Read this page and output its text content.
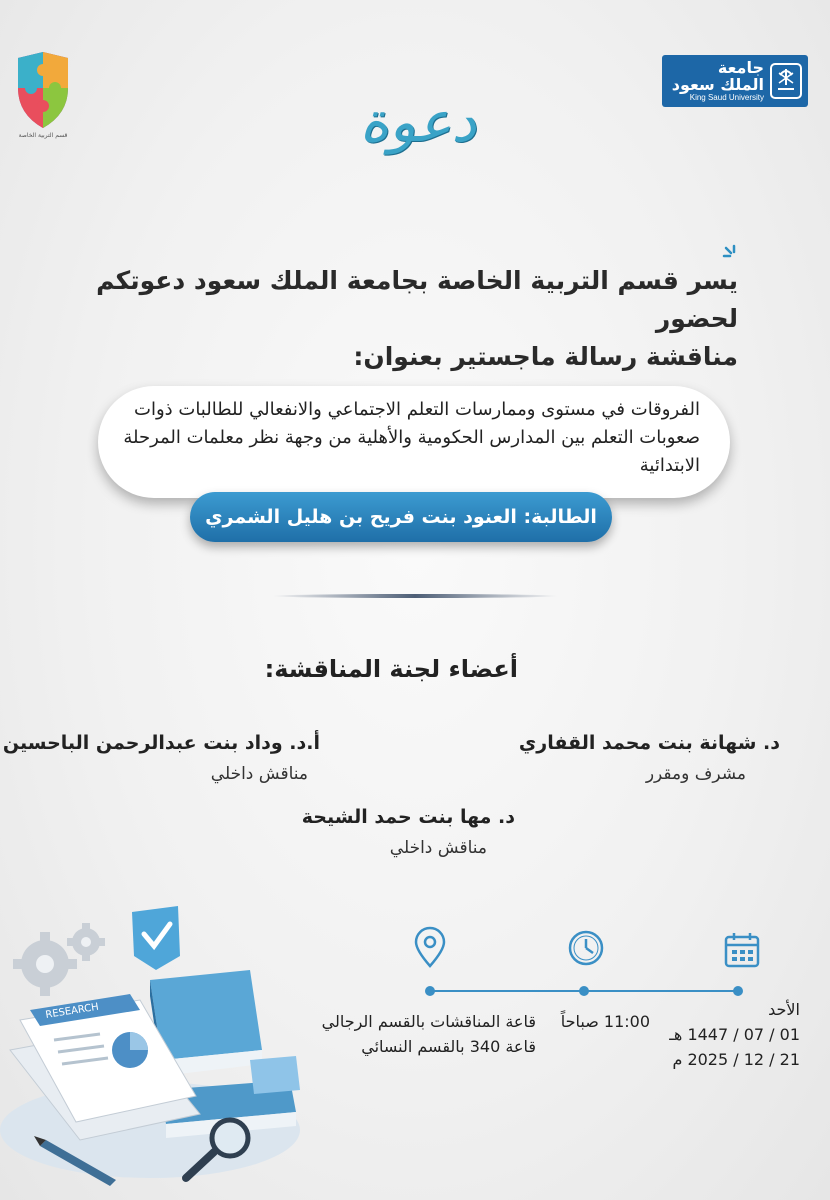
جامعة
الملك سعود
King Saud University
قسم التربية الخاصة	دعوة
يسر قسم التربية الخاصة بجامعة الملك سعود دعوتكم لحضور
مناقشة رسالة ماجستير بعنوان:
الفروقات في مستوى وممارسات التعلم الاجتماعي والانفعالي للطالبات ذوات
صعوبات التعلم بين المدارس الحكومية والأهلية من وجهة نظر معلمات المرحلة
الابتدائية
الطالبة: العنود بنت فريح بن هليل الشمري
أعضاء لجنة المناقشة:
د. شهانة بنت محمد القفاري
مشرف ومقرر
أ.د. وداد بنت عبدالرحمن الباحسين
مناقش داخلي
د. مها بنت حمد الشيحة
مناقش داخلي
الأحد
01 / 07 / 1447 هـ
21 / 12 / 2025 م
11:00 صباحاً
قاعة المناقشات بالقسم الرجالي
قاعة 340 بالقسم النسائي
RESEARCH
